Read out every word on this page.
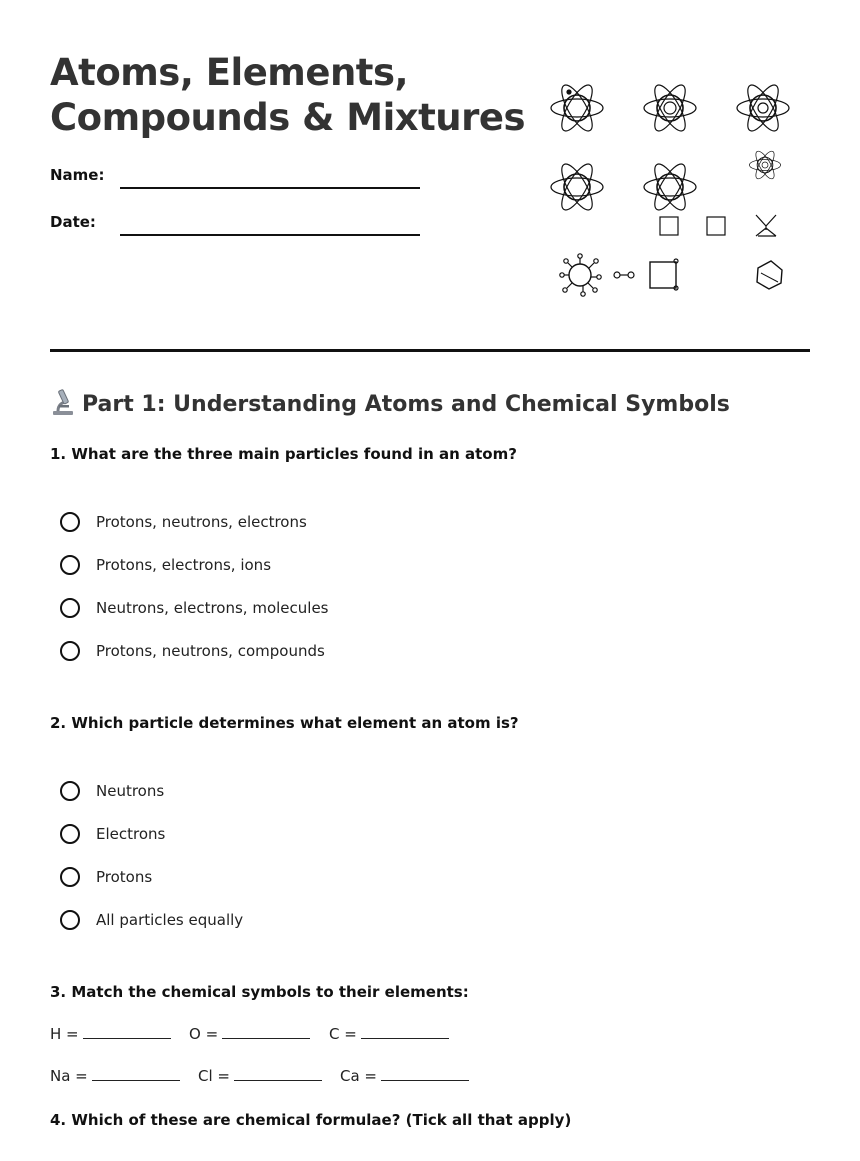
Atoms, Elements,
Compounds & Mixtures
Name:
Date:
Part 1: Understanding Atoms and Chemical Symbols

1. What are the three main particles found in an atom?

Protons, neutrons, electrons
Protons, electrons, ions
Neutrons, electrons, molecules
Protons, neutrons, compounds

2. Which particle determines what element an atom is?

Neutrons
Electrons
Protons
All particles equally

3. Match the chemical symbols to their elements:

H =	O =	C =
Na =	Cl =	Ca =

4. Which of these are chemical formulae? (Tick all that apply)
